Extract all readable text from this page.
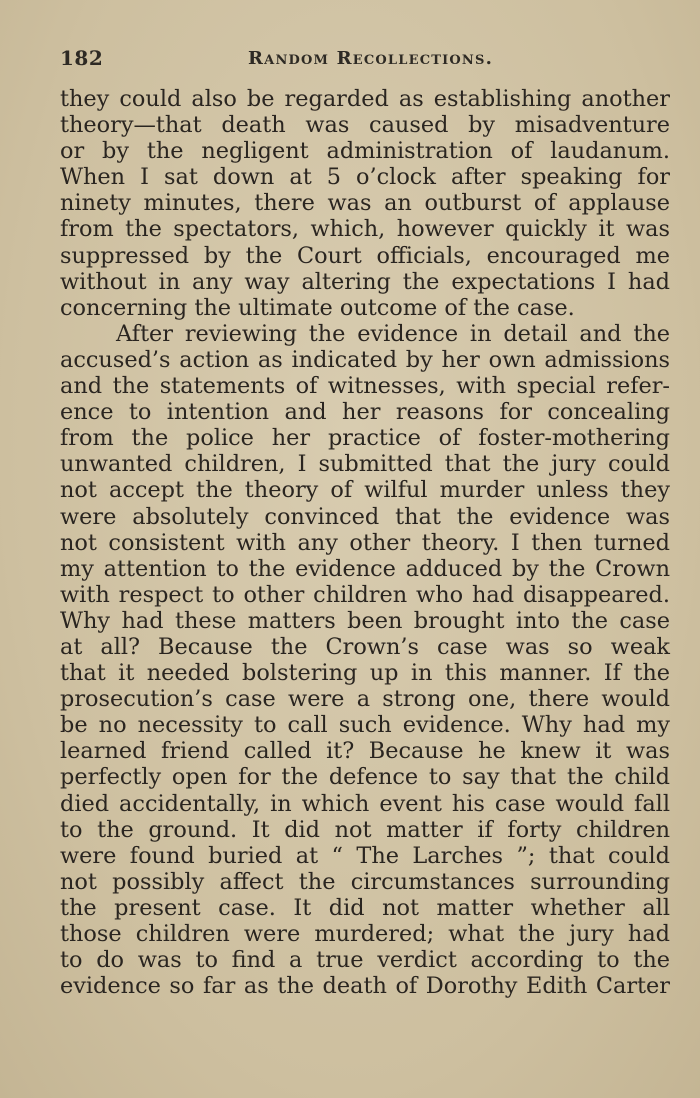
182	Random Recollections.
they could also be regarded as establishing another
theory—that death was caused by misadventure
or by the negligent administration of laudanum.
When I sat down at 5 o’clock after speaking for
ninety minutes, there was an outburst of applause
from the spectators, which, however quickly it was
suppressed by the Court officials, encouraged me
without in any way altering the expectations I had
concerning the ultimate outcome of the case.
After reviewing the evidence in detail and the
accused’s action as indicated by her own admissions
and the statements of witnesses, with special refer-
ence to intention and her reasons for concealing
from the police her practice of foster-mothering
unwanted children, I submitted that the jury could
not accept the theory of wilful murder unless they
were absolutely convinced that the evidence was
not consistent with any other theory. I then turned
my attention to the evidence adduced by the Crown
with respect to other children who had disappeared.
Why had these matters been brought into the case
at all? Because the Crown’s case was so weak
that it needed bolstering up in this manner. If the
prosecution’s case were a strong one, there would
be no necessity to call such evidence. Why had my
learned friend called it? Because he knew it was
perfectly open for the defence to say that the child
died accidentally, in which event his case would fall
to the ground. It did not matter if forty children
were found buried at “ The Larches ”; that could
not possibly affect the circumstances surrounding
the present case. It did not matter whether all
those children were murdered; what the jury had
to do was to find a true verdict according to the
evidence so far as the death of Dorothy Edith Carter
